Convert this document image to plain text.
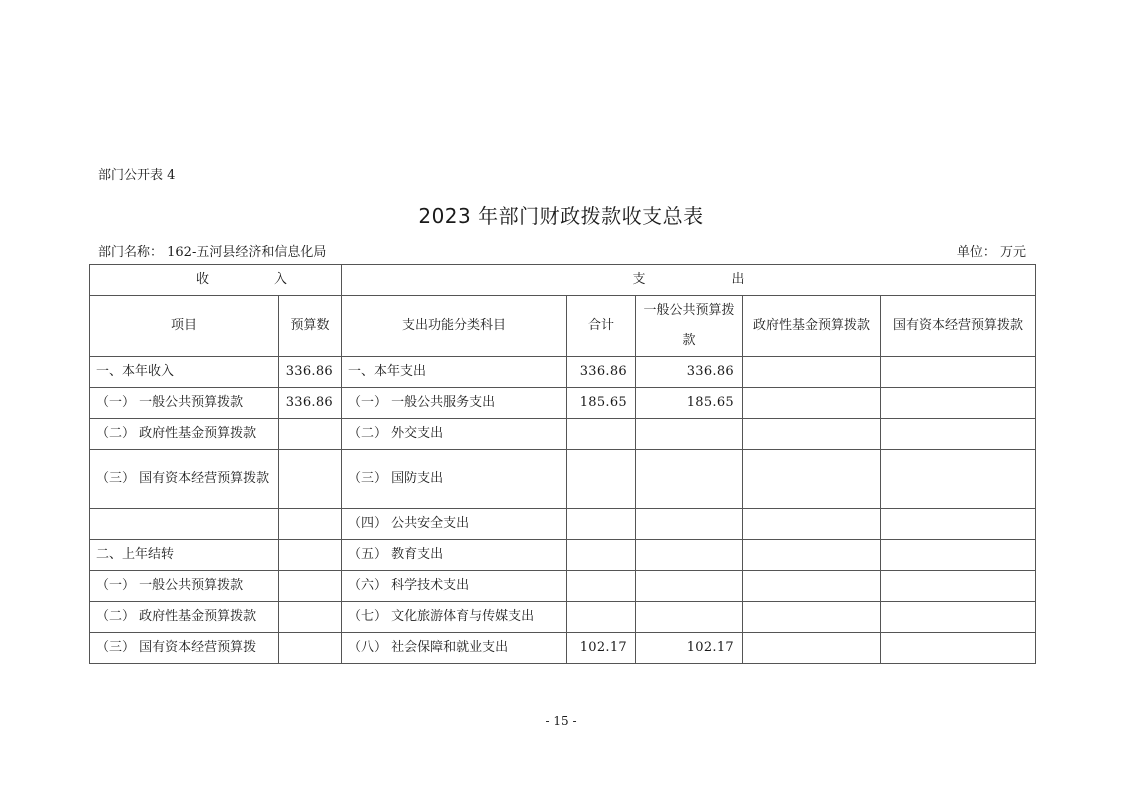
部门公开表 4
2023 年部门财政拨款收支总表
部门名称： 162-五河县经济和信息化局	单位： 万元
收 入		支 出				

项目	预算数	支出功能分类科目	合计	一般公共预算拨款	政府性基金预算拨款	国有资本经营预算拨款
一、本年收入	336.86	一、本年支出	336.86	336.86		
（一） 一般公共预算拨款	336.86	（一） 一般公共服务支出	185.65	185.65		
（二） 政府性基金预算拨款		（二） 外交支出				
（三） 国有资本经营预算拨款		（三） 国防支出				
		（四） 公共安全支出				
二、上年结转		（五） 教育支出				
（一） 一般公共预算拨款		（六） 科学技术支出				
（二） 政府性基金预算拨款		（七） 文化旅游体育与传媒支出				
（三） 国有资本经营预算拨		（八） 社会保障和就业支出	102.17	102.17		
- 15 -
